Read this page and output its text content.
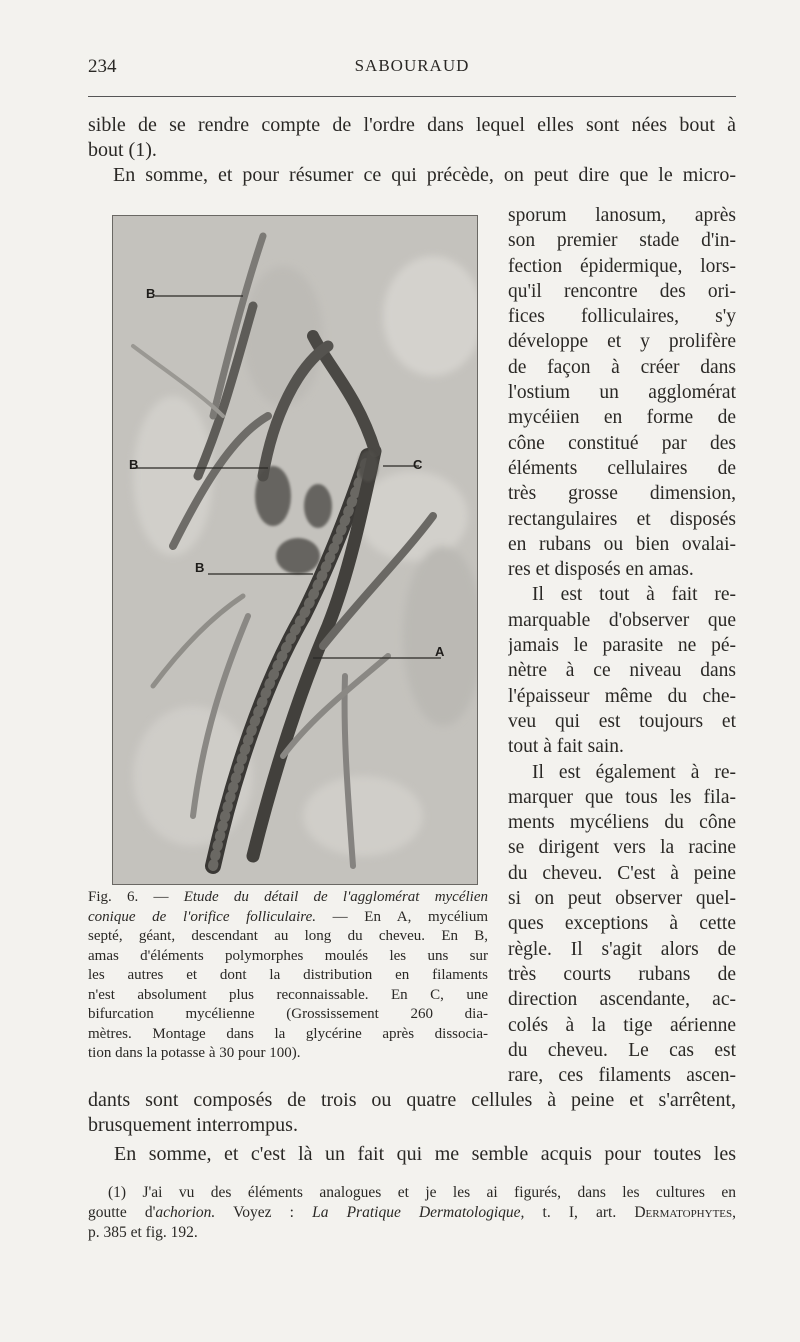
234	SABOURAUD
sible de se rendre compte de l'ordre dans lequel elles sont nées bout à
bout (1).
En somme, et pour résumer ce qui précède, on peut dire que le micro-
B
B
B
C
A
sporum lanosum, après
son premier stade d'in-
fection épidermique, lors-
qu'il rencontre des ori-
fices folliculaires, s'y
développe et y prolifère
de façon à créer dans
l'ostium un agglomérat
mycéiien en forme de
cône constitué par des
éléments cellulaires de
très grosse dimension,
rectangulaires et disposés
en rubans ou bien ovalai-
res et disposés en amas.
Il est tout à fait re-
marquable d'observer que
jamais le parasite ne pé-
nètre à ce niveau dans
l'épaisseur même du che-
veu qui est toujours et
tout à fait sain.
Il est également à re-
marquer que tous les fila-
ments mycéliens du cône
se dirigent vers la racine
du cheveu. C'est à peine
si on peut observer quel-
ques exceptions à cette
règle. Il s'agit alors de
très courts rubans de
direction ascendante, ac-
colés à la tige aérienne
du cheveu. Le cas est
rare, ces filaments ascen-
Fig. 6. — Etude du détail de l'agglomérat mycélien
conique de l'orifice folliculaire. — En A, mycélium
septé, géant, descendant au long du cheveu. En B,
amas d'éléments polymorphes moulés les uns sur
les autres et dont la distribution en filaments
n'est absolument plus reconnaissable. En C, une
bifurcation mycélienne (Grossissement 260 dia-
mètres. Montage dans la glycérine après dissocia-
tion dans la potasse à 30 pour 100).
dants sont composés de trois ou quatre cellules à peine et s'arrêtent,
brusquement interrompus.
En somme, et c'est là un fait qui me semble acquis pour toutes les
(1) J'ai vu des éléments analogues et je les ai figurés, dans les cultures en
goutte d'achorion. Voyez : La Pratique Dermatologique, t. I, art. Dermatophytes,
p. 385 et fig. 192.
